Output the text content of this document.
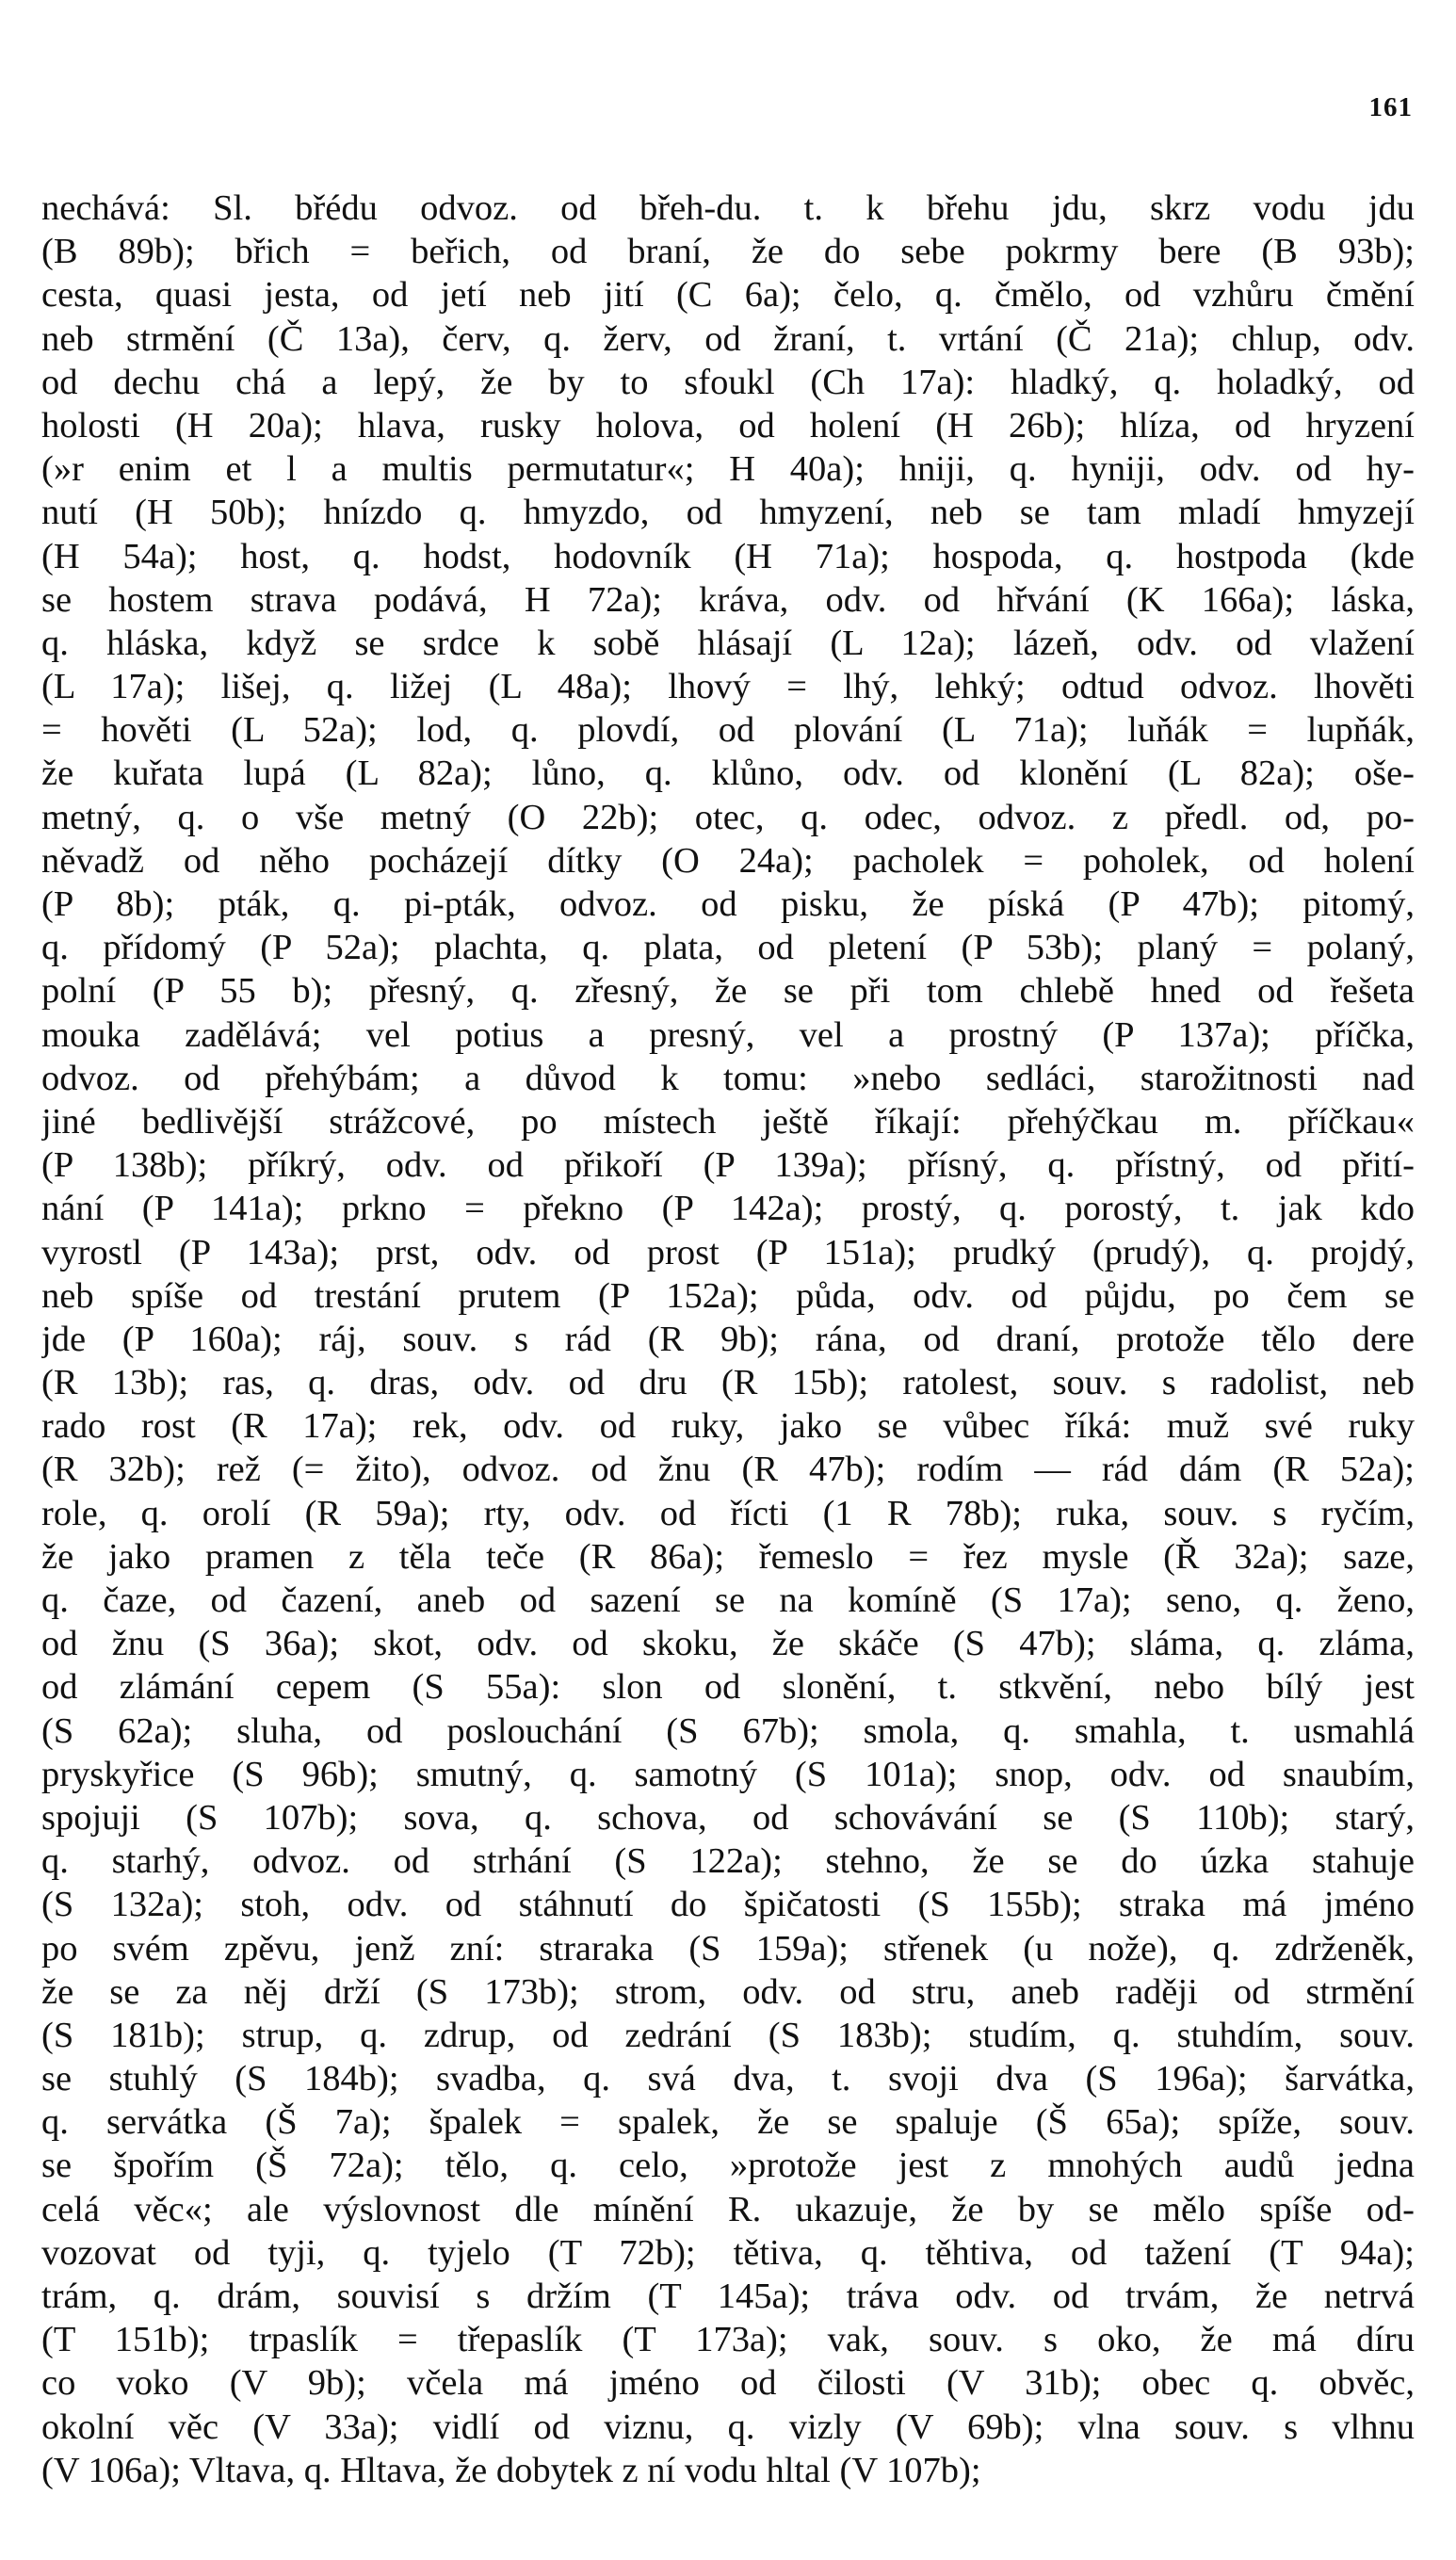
161
nechává: Sl. břédu odvoz. od břeh-du. t. k břehu jdu, skrz vodu jdu
(B 89b); břich = beřich, od braní, že do sebe pokrmy bere (B 93b);
cesta, quasi jesta, od jetí neb jití (C 6a); čelo, q. čmělo, od vzhůru čmění
neb strmění (Č 13a), červ, q. žerv, od žraní, t. vrtání (Č 21a); chlup, odv.
od dechu chá a lepý, že by to sfoukl (Ch 17a): hladký, q. holadký, od
holosti (H 20a); hlava, rusky holova, od holení (H 26b); hlíza, od hryzení
(»r enim et l a multis permutatur«; H 40a); hniji, q. hyniji, odv. od hy-
nutí (H 50b); hnízdo q. hmyzdo, od hmyzení, neb se tam mladí hmyzejí
(H 54a); host, q. hodst, hodovník (H 71a); hospoda, q. hostpoda (kde
se hostem strava podává, H 72a); kráva, odv. od hřvání (K 166a); láska,
q. hláska, když se srdce k sobě hlásají (L 12a); lázeň, odv. od vlažení
(L 17a); lišej, q. ližej (L 48a); lhový = lhý, lehký; odtud odvoz. lhověti
= hověti (L 52a); lod, q. plovdí, od plování (L 71a); luňák = lupňák,
že kuřata lupá (L 82a); lůno, q. klůno, odv. od klonění (L 82a); oše-
metný, q. o vše metný (O 22b); otec, q. odec, odvoz. z předl. od, po-
něvadž od něho pocházejí dítky (O 24a); pacholek = poholek, od holení
(P 8b); pták, q. pi-pták, odvoz. od pisku, že píská (P 47b); pitomý,
q. přídomý (P 52a); plachta, q. plata, od pletení (P 53b); planý = polaný,
polní (P 55 b); přesný, q. zřesný, že se při tom chlebě hned od řešeta
mouka zadělává; vel potius a presný, vel a prostný (P 137a); příčka,
odvoz. od přehýbám; a důvod k tomu: »nebo sedláci, starožitnosti nad
jiné bedlivější strážcové, po místech ještě říkají: přehýčkau m. příčkau«
(P 138b); příkrý, odv. od přikoří (P 139a); přísný, q. přístný, od přití-
nání (P 141a); prkno = překno (P 142a); prostý, q. porostý, t. jak kdo
vyrostl (P 143a); prst, odv. od prost (P 151a); prudký (prudý), q. projdý,
neb spíše od trestání prutem (P 152a); půda, odv. od půjdu, po čem se
jde (P 160a); ráj, souv. s rád (R 9b); rána, od draní, protože tělo dere
(R 13b); ras, q. dras, odv. od dru (R 15b); ratolest, souv. s radolist, neb
rado rost (R 17a); rek, odv. od ruky, jako se vůbec říká: muž své ruky
(R 32b); rež (= žito), odvoz. od žnu (R 47b); rodím — rád dám (R 52a);
role, q. orolí (R 59a); rty, odv. od řícti (1 R 78b); ruka, souv. s ryčím,
že jako pramen z těla teče (R 86a); řemeslo = řez mysle (Ř 32a); saze,
q. čaze, od čazení, aneb od sazení se na komíně (S 17a); seno, q. ženo,
od žnu (S 36a); skot, odv. od skoku, že skáče (S 47b); sláma, q. zláma,
od zlámání cepem (S 55a): slon od slonění, t. stkvění, nebo bílý jest
(S 62a); sluha, od poslouchání (S 67b); smola, q. smahla, t. usmahlá
pryskyřice (S 96b); smutný, q. samotný (S 101a); snop, odv. od snaubím,
spojuji (S 107b); sova, q. schova, od schovávání se (S 110b); starý,
q. starhý, odvoz. od strhání (S 122a); stehno, že se do úzka stahuje
(S 132a); stoh, odv. od stáhnutí do špičatosti (S 155b); straka má jméno
po svém zpěvu, jenž zní: straraka (S 159a); střenek (u nože), q. zdrženěk,
že se za něj drží (S 173b); strom, odv. od stru, aneb raději od strmění
(S 181b); strup, q. zdrup, od zedrání (S 183b); studím, q. stuhdím, souv.
se stuhlý (S 184b); svadba, q. svá dva, t. svoji dva (S 196a); šarvátka,
q. servátka (Š 7a); špalek = spalek, že se spaluje (Š 65a); spíže, souv.
se špořím (Š 72a); tělo, q. celo, »protože jest z mnohých audů jedna
celá věc«; ale výslovnost dle mínění R. ukazuje, že by se mělo spíše od-
vozovat od tyji, q. tyjelo (T 72b); tětiva, q. těhtiva, od tažení (T 94a);
trám, q. drám, souvisí s držím (T 145a); tráva odv. od trvám, že netrvá
(T 151b); trpaslík = třepaslík (T 173a); vak, souv. s oko, že má díru
co voko (V 9b); včela má jméno od čilosti (V 31b); obec q. obvěc,
okolní věc (V 33a); vidlí od viznu, q. vizly (V 69b); vlna souv. s vlhnu
(V 106a); Vltava, q. Hltava, že dobytek z ní vodu hltal (V 107b);
